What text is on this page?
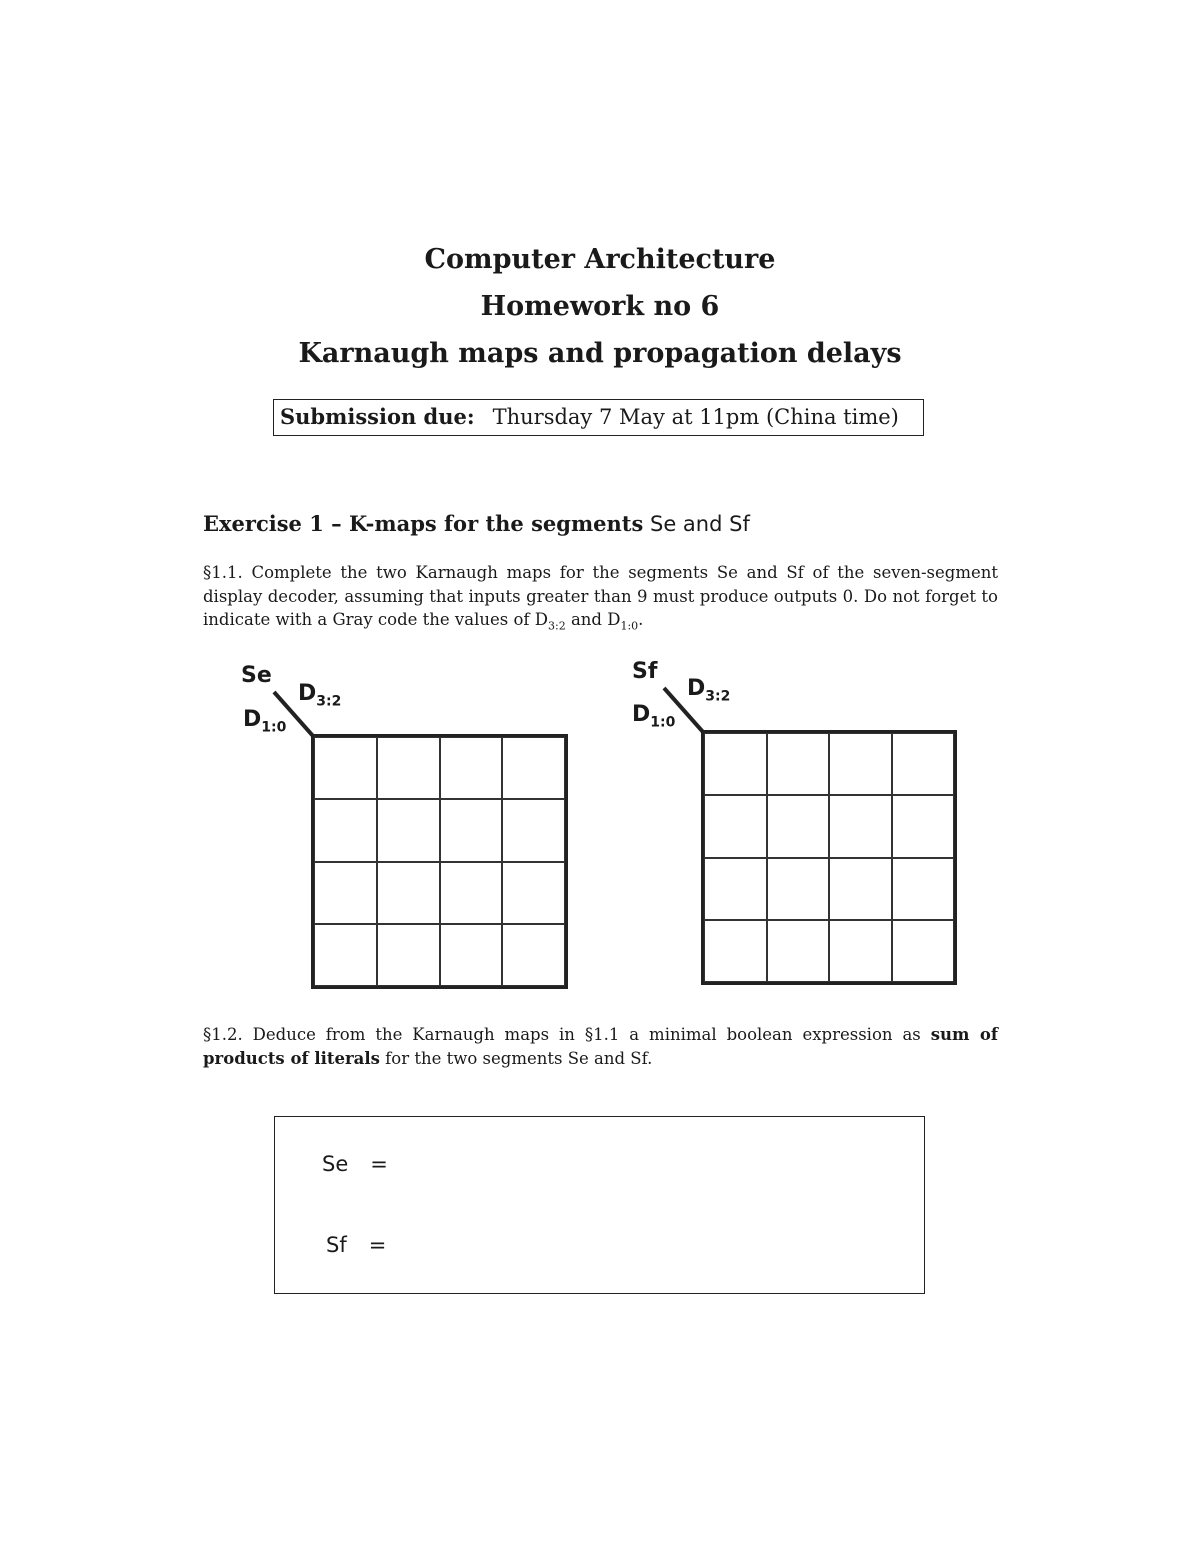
Computer Architecture
Homework no 6
Karnaugh maps and propagation delays
Submission due: Thursday 7 May at 11pm (China time)
Exercise 1 – K-maps for the segments Se and Sf

§1.1. Complete the two Karnaugh maps for the segments Se and Sf of the seven-segment display decoder, assuming that inputs greater than 9 must produce outputs 0. Do not forget to indicate with a Gray code the values of $D_{3:2}$ and $D_{1:0}$.

Se
$D_{3:2}$
$D_{1:0}$
Sf
$D_{3:2}$
$D_{1:0}$

§1.2. Deduce from the Karnaugh maps in §1.1 a minimal boolean expression as sum of products of literals for the two segments Se and Sf.

Se =
Sf =
